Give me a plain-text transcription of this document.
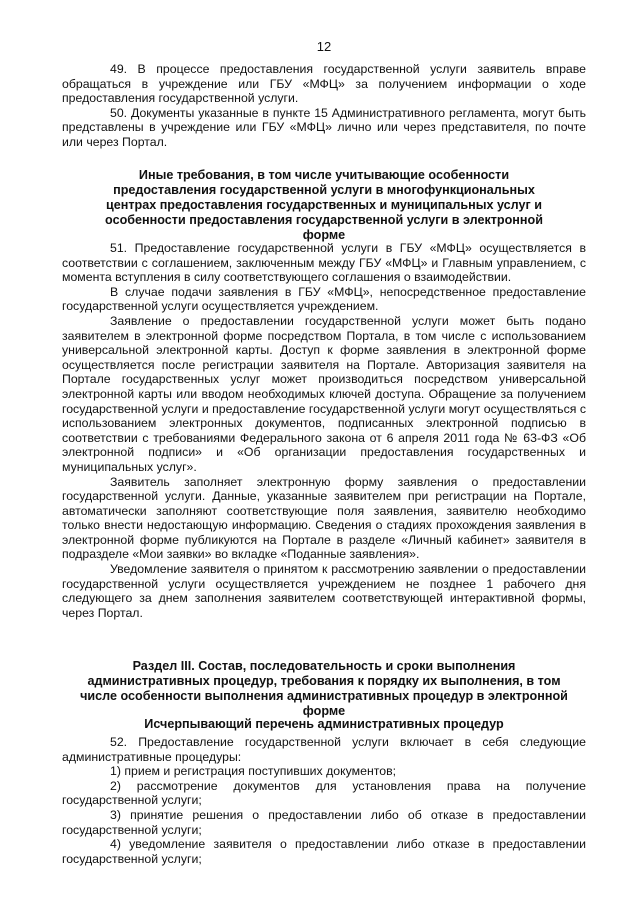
12

49. В процессе предоставления государственной услуги заявитель вправе обращаться в учреждение или ГБУ «МФЦ» за получением информации о ходе предоставления государственной услуги.

50. Документы указанные в пункте 15 Административного регламента, могут быть представлены в учреждение или ГБУ «МФЦ» лично или через представителя, по почте или через Портал.

Иные требования, в том числе учитывающие особенности предоставления государственной услуги в многофункциональных центрах предоставления государственных и муниципальных услуг и особенности предоставления государственной услуги в электронной форме

51. Предоставление государственной услуги в ГБУ «МФЦ» осуществляется в соответствии с соглашением, заключенным между ГБУ «МФЦ» и Главным управлением, с момента вступления в силу соответствующего соглашения о взаимодействии.

В случае подачи заявления в ГБУ «МФЦ», непосредственное предоставление государственной услуги осуществляется учреждением.

Заявление о предоставлении государственной услуги может быть подано заявителем в электронной форме посредством Портала, в том числе с использованием универсальной электронной карты. Доступ к форме заявления в электронной форме осуществляется после регистрации заявителя на Портале. Авторизация заявителя на Портале государственных услуг может производиться посредством универсальной электронной карты или вводом необходимых ключей доступа. Обращение за получением государственной услуги и предоставление государственной услуги могут осуществляться с использованием электронных документов, подписанных электронной подписью в соответствии с требованиями Федерального закона от 6 апреля 2011 года № 63-ФЗ «Об электронной подписи» и «Об организации предоставления государственных и муниципальных услуг».

Заявитель заполняет электронную форму заявления о предоставлении государственной услуги. Данные, указанные заявителем при регистрации на Портале, автоматически заполняют соответствующие поля заявления, заявителю необходимо только внести недостающую информацию. Сведения о стадиях прохождения заявления в электронной форме публикуются на Портале в разделе «Личный кабинет» заявителя в подразделе «Мои заявки» во вкладке «Поданные заявления».

Уведомление заявителя о принятом к рассмотрению заявлении о предоставлении государственной услуги осуществляется учреждением не позднее 1 рабочего дня следующего за днем заполнения заявителем соответствующей интерактивной формы, через Портал.

Раздел III. Состав, последовательность и сроки выполнения административных процедур, требования к порядку их выполнения, в том числе особенности выполнения административных процедур в электронной форме
Исчерпывающий перечень административных процедур

52. Предоставление государственной услуги включает в себя следующие административные процедуры:

1) прием и регистрация поступивших документов;

2) рассмотрение документов для установления права на получение государственной услуги;

3) принятие решения о предоставлении либо об отказе в предоставлении государственной услуги;

4) уведомление заявителя о предоставлении либо отказе в предоставлении государственной услуги;
